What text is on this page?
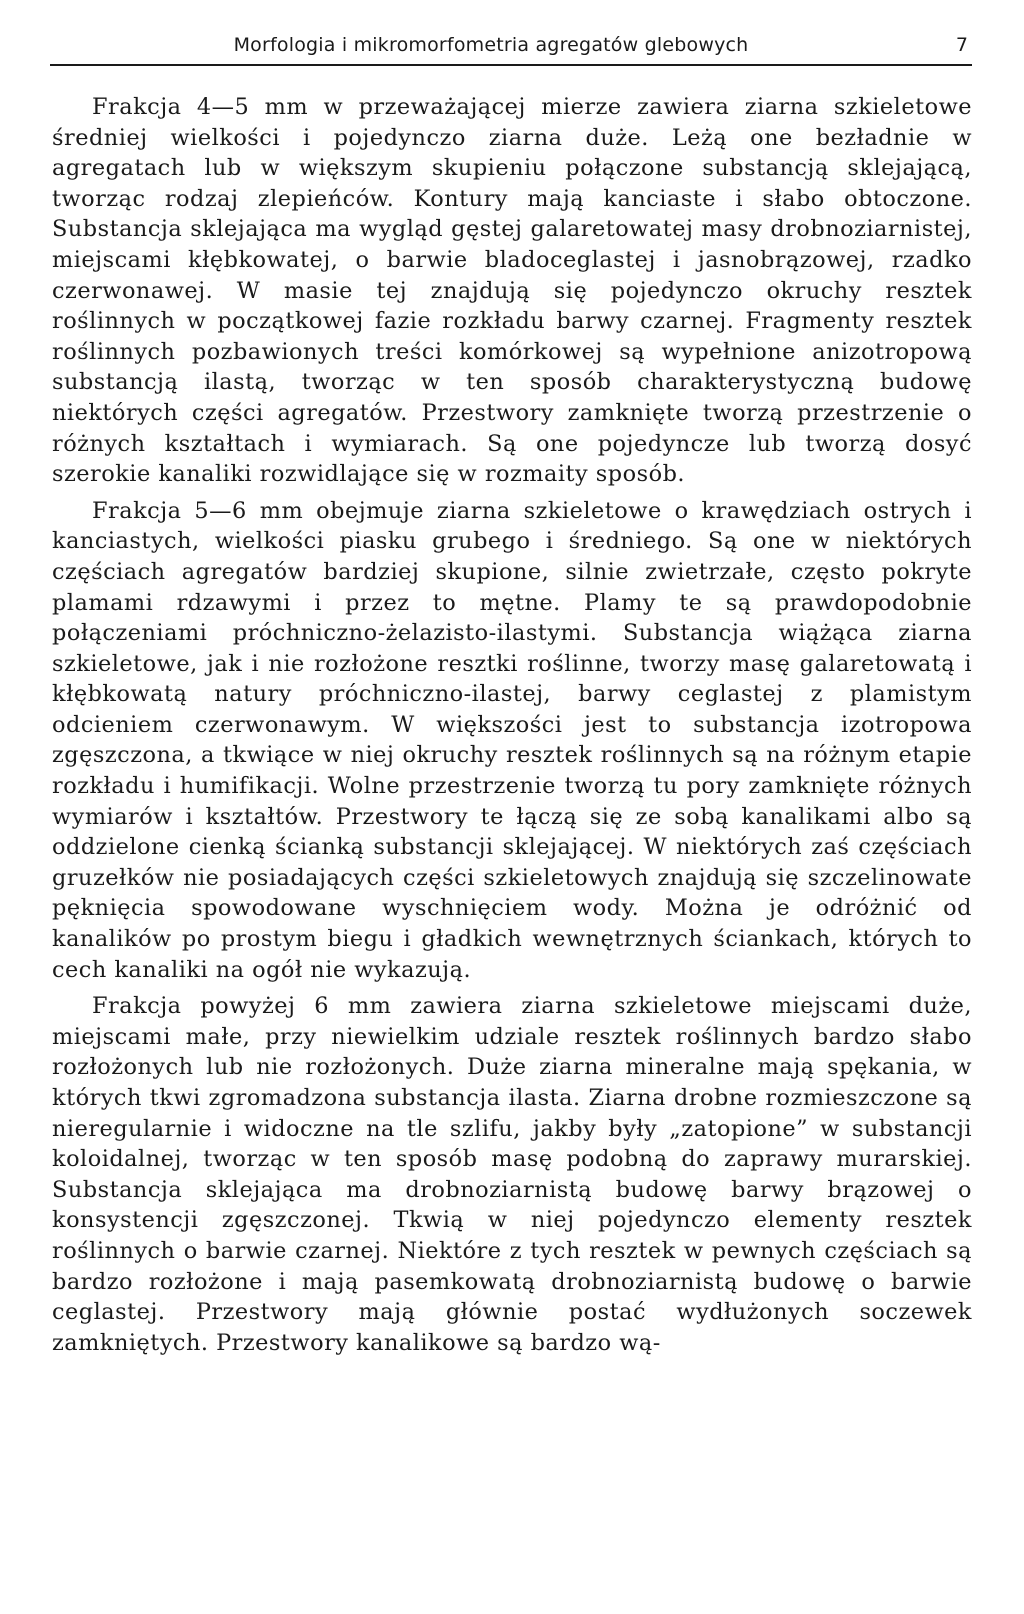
Morfologia i mikromorfometria agregatów glebowych	7

Frakcja 4—5 mm w przeważającej mierze zawiera ziarna szkieletowe średniej wielkości i pojedynczo ziarna duże. Leżą one bezładnie w agregatach lub w większym skupieniu połączone substancją sklejającą, tworząc rodzaj zlepieńców. Kontury mają kanciaste i słabo obtoczone. Substancja sklejająca ma wygląd gęstej galaretowatej masy drobnoziarnistej, miejscami kłębkowatej, o barwie bladoceglastej i jasnobrązowej, rzadko czerwonawej. W masie tej znajdują się pojedynczo okruchy resztek roślinnych w początkowej fazie rozkładu barwy czarnej. Fragmenty resztek roślinnych pozbawionych treści komórkowej są wypełnione anizotropową substancją ilastą, tworząc w ten sposób charakterystyczną budowę niektórych części agregatów. Przestwory zamknięte tworzą przestrzenie o różnych kształtach i wymiarach. Są one pojedyncze lub tworzą dosyć szerokie kanaliki rozwidlające się w rozmaity sposób.

Frakcja 5—6 mm obejmuje ziarna szkieletowe o krawędziach ostrych i kanciastych, wielkości piasku grubego i średniego. Są one w niektórych częściach agregatów bardziej skupione, silnie zwietrzałe, często pokryte plamami rdzawymi i przez to mętne. Plamy te są prawdopodobnie połączeniami próchniczno-żelazisto-ilastymi. Substancja wiążąca ziarna szkieletowe, jak i nie rozłożone resztki roślinne, tworzy masę galaretowatą i kłębkowatą natury próchniczno-ilastej, barwy ceglastej z plamistym odcieniem czerwonawym. W większości jest to substancja izotropowa zgęszczona, a tkwiące w niej okruchy resztek roślinnych są na różnym etapie rozkładu i humifikacji. Wolne przestrzenie tworzą tu pory zamknięte różnych wymiarów i kształtów. Przestwory te łączą się ze sobą kanalikami albo są oddzielone cienką ścianką substancji sklejającej. W niektórych zaś częściach gruzełków nie posiadających części szkieletowych znajdują się szczelinowate pęknięcia spowodowane wyschnięciem wody. Można je odróżnić od kanalików po prostym biegu i gładkich wewnętrznych ściankach, których to cech kanaliki na ogół nie wykazują.

Frakcja powyżej 6 mm zawiera ziarna szkieletowe miejscami duże, miejscami małe, przy niewielkim udziale resztek roślinnych bardzo słabo rozłożonych lub nie rozłożonych. Duże ziarna mineralne mają spękania, w których tkwi zgromadzona substancja ilasta. Ziarna drobne rozmieszczone są nieregularnie i widoczne na tle szlifu, jakby były „zatopione” w substancji koloidalnej, tworząc w ten sposób masę podobną do zaprawy murarskiej. Substancja sklejająca ma drobnoziarnistą budowę barwy brązowej o konsystencji zgęszczonej. Tkwią w niej pojedynczo elementy resztek roślinnych o barwie czarnej. Niektóre z tych resztek w pewnych częściach są bardzo rozłożone i mają pasemkowatą drobnoziarnistą budowę o barwie ceglastej. Przestwory mają głównie postać wydłużonych soczewek zamkniętych. Przestwory kanalikowe są bardzo wą-
